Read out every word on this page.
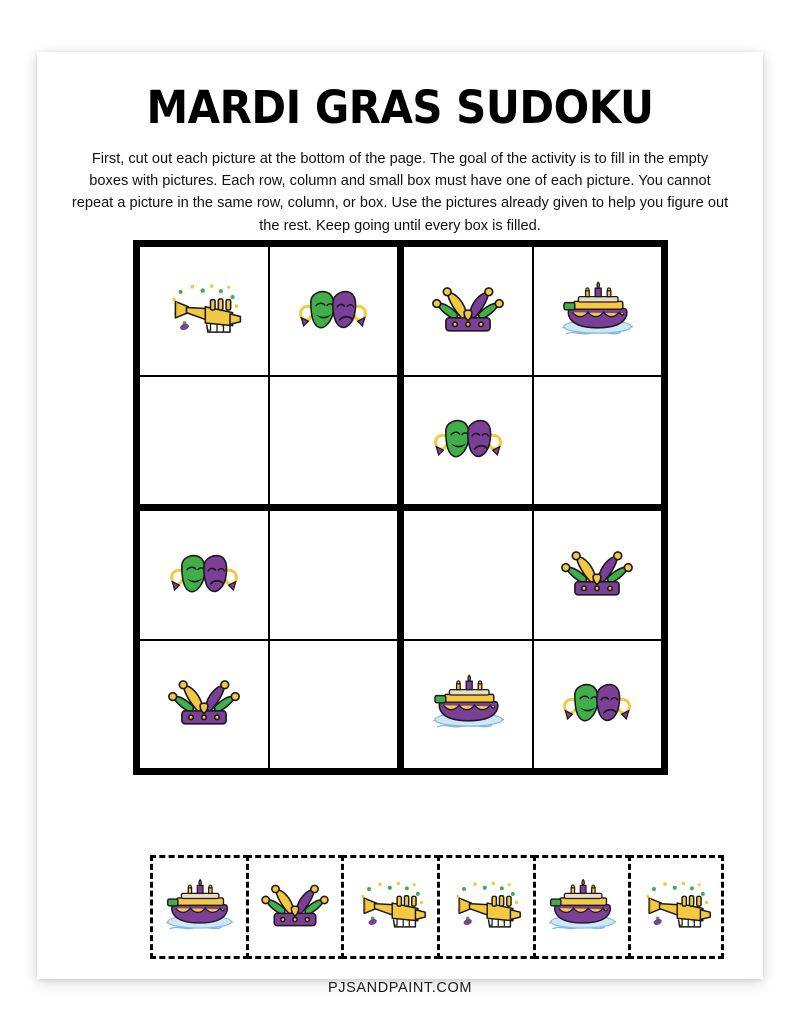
MARDI GRAS SUDOKU

First, cut out each picture at the bottom of the page. The goal of the activity is to fill in the empty boxes with pictures. Each row, column and small box must have one of each picture. You cannot repeat a picture in the same row, column, or box. Use the pictures already given to help you figure out the rest. Keep going until every box is filled.

PJSANDPAINT.COM
